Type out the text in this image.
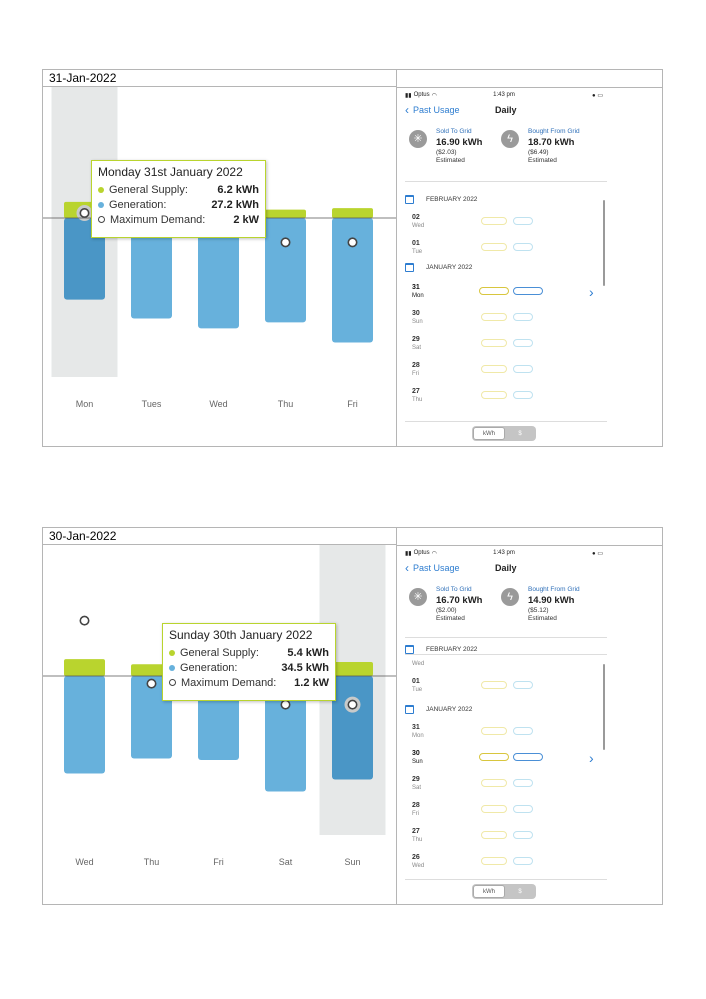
31-Jan-2022
Mon	Tues	Wed	Thu	Fri
Monday 31st January 2022
General Supply:	6.2 kWh
Generation:	27.2 kWh
Maximum Demand:	2 kW
▮▮ Optus ◠	1:43 pm	● ▭
‹ Past Usage	Daily
✳
Sold To Grid
16.90 kWh
($2.03)
Estimated
ϟ
Bought From Grid
18.70 kWh
($6.49)
Estimated
FEBRUARY 2022
02
Wed
01
Tue
JANUARY 2022
31
Mon	›
30
Sun
29
Sat
28
Fri
27
Thu
kWh	$
30-Jan-2022
Wed	Thu	Fri	Sat	Sun
Sunday 30th January 2022
General Supply:	5.4 kWh
Generation:	34.5 kWh
Maximum Demand:	1.2 kW
▮▮ Optus ◠	1:43 pm	● ▭
‹ Past Usage	Daily
✳
Sold To Grid
16.70 kWh
($2.00)
Estimated
ϟ
Bought From Grid
14.90 kWh
($5.12)
Estimated
FEBRUARY 2022
Wed
01
Tue
JANUARY 2022
31
Mon
30
Sun	›
29
Sat
28
Fri
27
Thu
26
Wed
kWh	$
